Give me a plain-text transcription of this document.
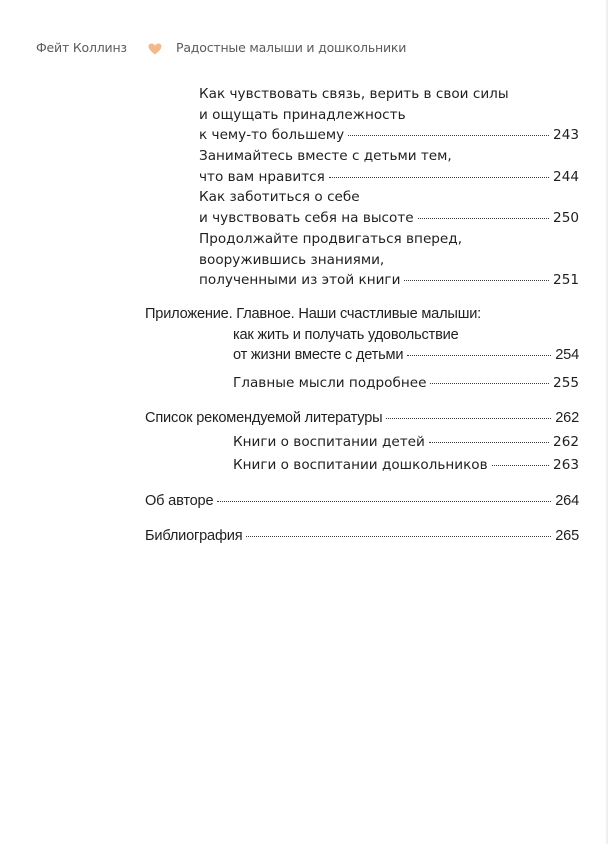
Фейт Коллинз	Радостные малыши и дошкольники
Как чувствовать связь, верить в свои силы
и ощущать принадлежность
к чему-то большему	243
Занимайтесь вместе с детьми тем,
что вам нравится	244
Как заботиться о себе
и чувствовать себя на высоте	250
Продолжайте продвигаться вперед,
вооружившись знаниями,
полученными из этой книги	251
Приложение. Главное. Наши счастливые малыши:
как жить и получать удовольствие
от жизни вместе с детьми	254
Главные мысли подробнее	255
Список рекомендуемой литературы	262
Книги о воспитании детей	262
Книги о воспитании дошкольников	263
Об авторе	264
Библиография	265
